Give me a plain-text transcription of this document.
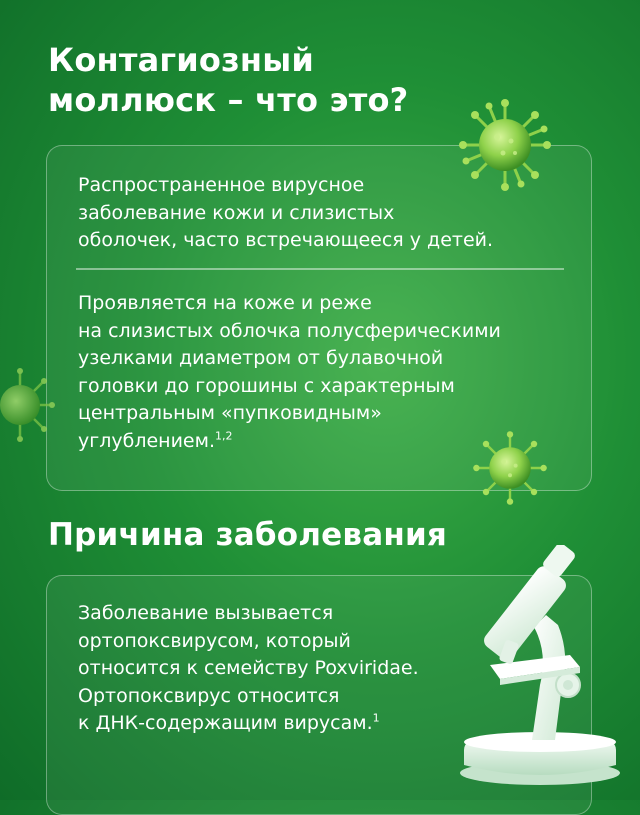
Контагиозный
моллюск – что это?

Распространенное вирусное
заболевание кожи и слизистых
оболочек, часто встречающееся у детей.

Проявляется на коже и реже
на слизистых облочка полусферическими
узелками диаметром от булавочной
головки до горошины с характерным
центральным «пупковидным»
углублением.$^{1,2}$

Причина заболевания

Заболевание вызывается
ортопоксвирусом, который
относится к семейству Poxviridae.
Ортопоксвирус относится
к ДНК-содержащим вирусам.$^1$
